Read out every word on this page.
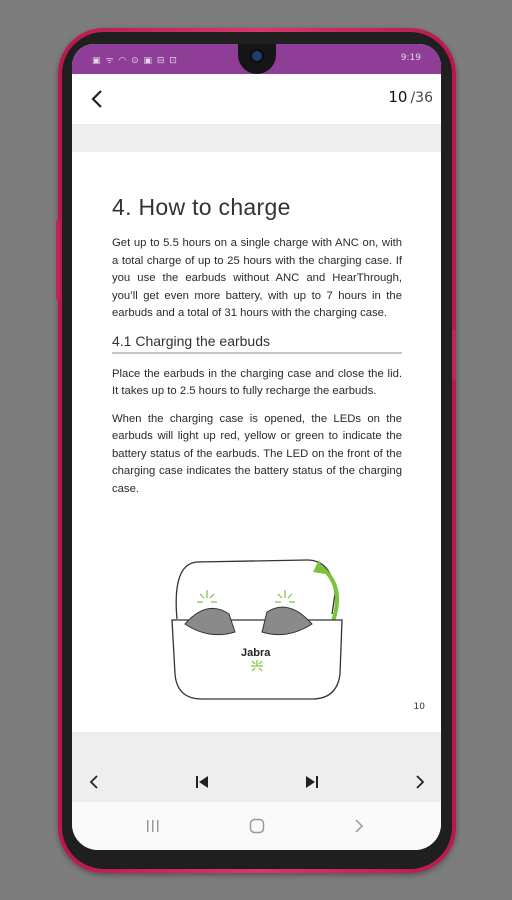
▣ ᯤ ◠ ⊙ ▣ ⊟ ⊡	9:19
10 /36
4. How to charge

Get up to 5.5 hours on a single charge with ANC on, with a total charge of up to 25 hours with the charging case. If you use the earbuds without ANC and HearThrough, you’ll get even more battery, with up to 7 hours in the earbuds and a total of 31 hours with the charging case.

4.1 Charging the earbuds

Place the earbuds in the charging case and close the lid. It takes up to 2.5 hours to fully recharge the earbuds.

When the charging case is opened, the LEDs on the earbuds will light up red, yellow or green to indicate the battery status of the earbuds. The LED on the front of the charging case indicates the battery status of the charging case.

Jabra
10
